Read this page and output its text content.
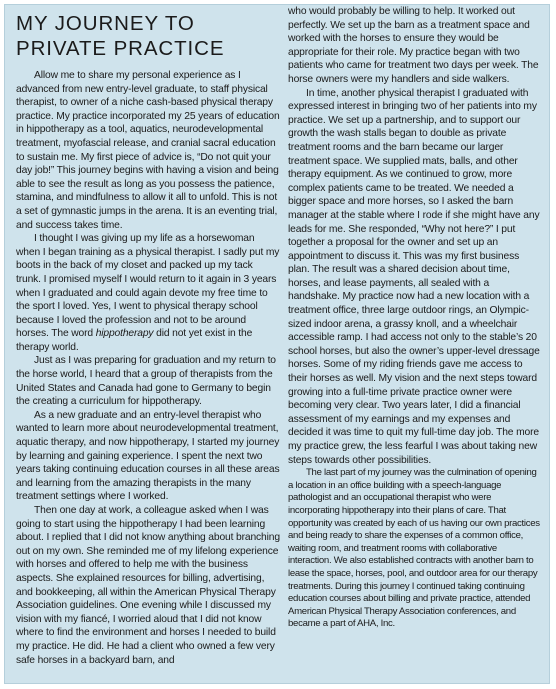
MY JOURNEY TO
PRIVATE PRACTICE

Allow me to share my personal experience as I advanced from new entry-level graduate, to staff physical therapist, to owner of a niche cash-based physical therapy practice. My practice incorporated my 25 years of education in hippotherapy as a tool, aquatics, neurodevelopmental treatment, myofascial release, and cranial sacral education to sustain me. My first piece of advice is, “Do not quit your day job!” This journey begins with having a vision and being able to see the result as long as you possess the patience, stamina, and mindfulness to allow it all to unfold. This is not a set of gymnastic jumps in the arena. It is an eventing trial, and success takes time.

I thought I was giving up my life as a horsewoman when I began training as a physical therapist. I sadly put my boots in the back of my closet and packed up my tack trunk. I promised myself I would return to it again in 3 years when I graduated and could again devote my free time to the sport I loved. Yes, I went to physical therapy school because I loved the profession and not to be around horses. The word hippotherapy did not yet exist in the therapy world.

Just as I was preparing for graduation and my return to the horse world, I heard that a group of therapists from the United States and Canada had gone to Germany to begin the creating a curriculum for hippotherapy.

As a new graduate and an entry-level therapist who wanted to learn more about neurodevelopmental treatment, aquatic therapy, and now hippotherapy, I started my journey by learning and gaining experience. I spent the next two years taking continuing education courses in all these areas and learning from the amazing therapists in the many treatment settings where I worked.

Then one day at work, a colleague asked when I was going to start using the hippotherapy I had been learning about. I replied that I did not know anything about branching out on my own. She reminded me of my lifelong experience with horses and offered to help me with the business aspects. She explained resources for billing, advertising, and bookkeeping, all within the American Physical Therapy Association guidelines. One evening while I discussed my vision with my fiancé, I worried aloud that I did not know where to find the environment and horses I needed to build my practice. He did. He had a client who owned a few very safe horses in a backyard barn, and

who would probably be willing to help. It worked out perfectly. We set up the barn as a treatment space and worked with the horses to ensure they would be appropriate for their role. My practice began with two patients who came for treatment two days per week. The horse owners were my handlers and side walkers.

In time, another physical therapist I graduated with expressed interest in bringing two of her patients into my practice. We set up a partnership, and to support our growth the wash stalls began to double as private treatment rooms and the barn became our larger treatment space. We supplied mats, balls, and other therapy equipment. As we continued to grow, more complex patients came to be treated. We needed a bigger space and more horses, so I asked the barn manager at the stable where I rode if she might have any leads for me. She responded, “Why not here?” I put together a proposal for the owner and set up an appointment to discuss it. This was my first business plan. The result was a shared decision about time, horses, and lease payments, all sealed with a handshake. My practice now had a new location with a treatment office, three large outdoor rings, an Olympic-sized indoor arena, a grassy knoll, and a wheelchair accessible ramp. I had access not only to the stable’s 20 school horses, but also the owner’s upper-level dressage horses. Some of my riding friends gave me access to their horses as well. My vision and the next steps toward growing into a full-time private practice owner were becoming very clear. Two years later, I did a financial assessment of my earnings and my expenses and decided it was time to quit my full-time day job. The more my practice grew, the less fearful I was about taking new steps towards other possibilities.

The last part of my journey was the culmination of opening a location in an office building with a speech-language pathologist and an occupational therapist who were incorporating hippotherapy into their plans of care. That opportunity was created by each of us having our own practices and being ready to share the expenses of a common office, waiting room, and treatment rooms with collaborative interaction. We also established contracts with another barn to lease the space, horses, pool, and outdoor area for our therapy treatments. During this journey I continued taking continuing education courses about billing and private practice, attended American Physical Therapy Association conferences, and became a part of AHA, Inc.
